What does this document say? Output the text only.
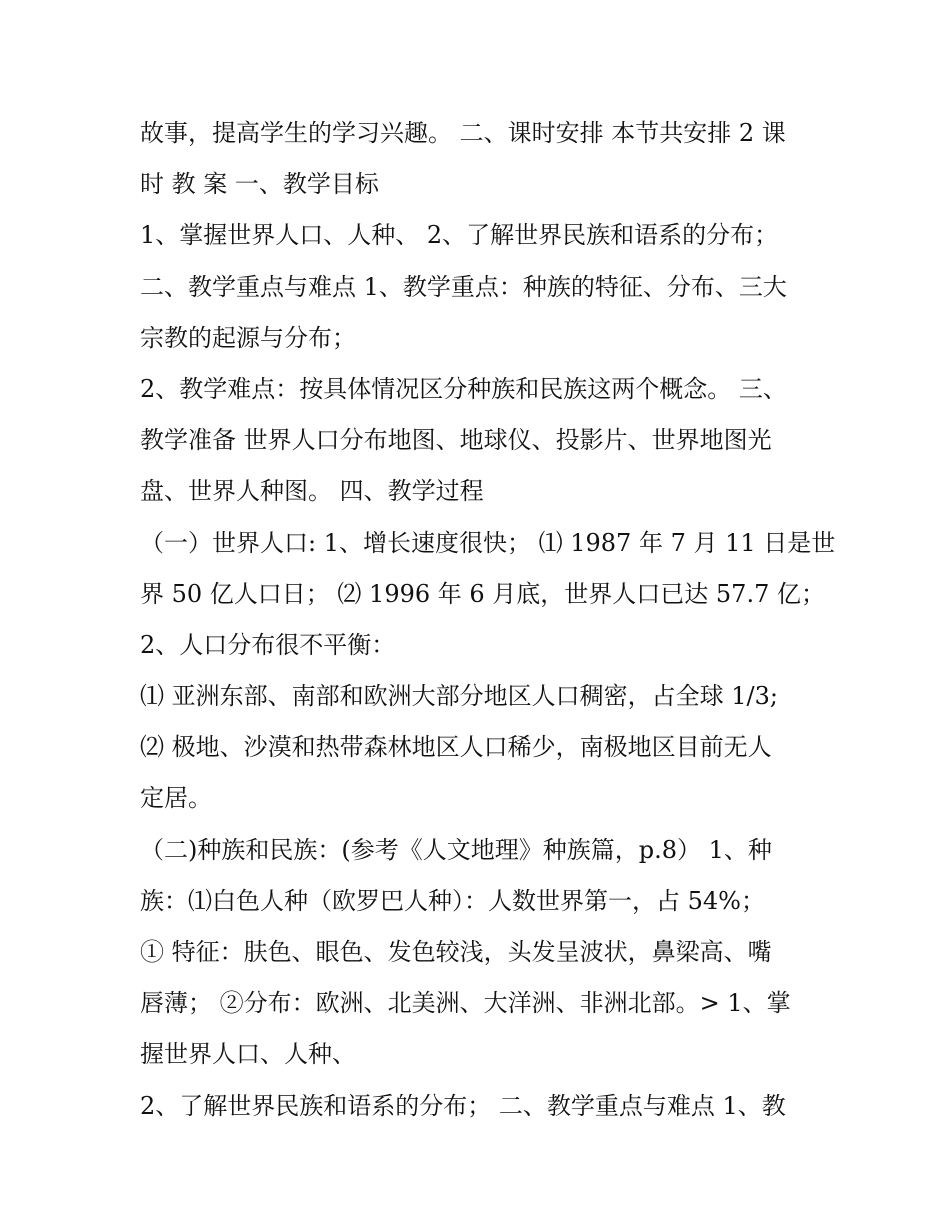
故事，提高学生的学习兴趣。 二、课时安排 本节共安排 2 课
时 教 案 一、教学目标
1、掌握世界人口、人种、 2、了解世界民族和语系的分布；
二、教学重点与难点 1、教学重点：种族的特征、分布、三大
宗教的起源与分布；
2、教学难点：按具体情况区分种族和民族这两个概念。 三、
教学准备 世界人口分布地图、地球仪、投影片、世界地图光
盘、世界人种图。 四、教学过程
（一）世界人口: 1、增长速度很快； ⑴ 1987 年 7 月 11 日是世
界 50 亿人口日； ⑵ 1996 年 6 月底，世界人口已达 57.7 亿；
2、人口分布很不平衡：
⑴ 亚洲东部、南部和欧洲大部分地区人口稠密，占全球 1/3;
⑵ 极地、沙漠和热带森林地区人口稀少，南极地区目前无人
定居。
（二)种族和民族：(参考《人文地理》种族篇，p.8） 1、种
族：⑴白色人种（欧罗巴人种）：人数世界第一，占 54%；
① 特征：肤色、眼色、发色较浅，头发呈波状，鼻梁高、嘴
唇薄； ②分布：欧洲、北美洲、大洋洲、非洲北部。> 1、掌
握世界人口、人种、
2、了解世界民族和语系的分布； 二、教学重点与难点 1、教
